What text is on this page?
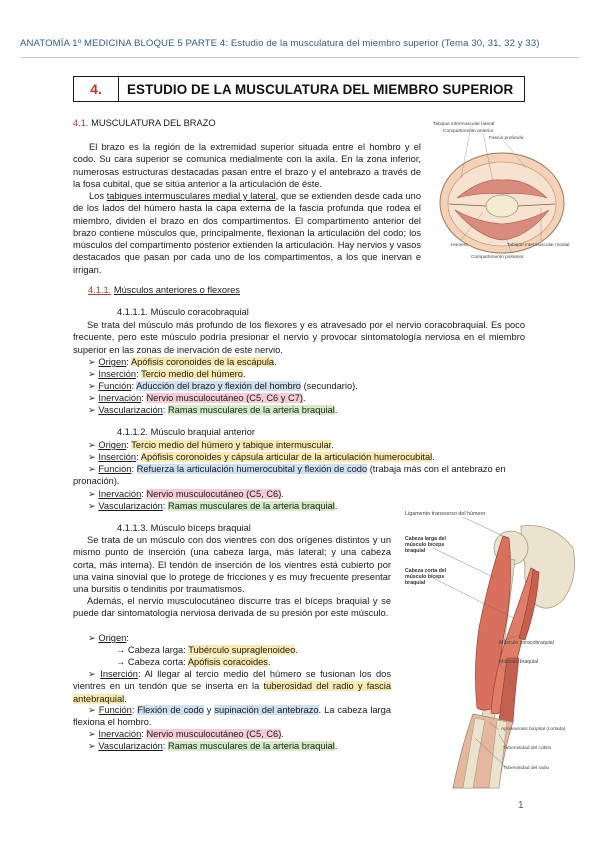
ANATOMÍA 1º MEDICINA BLOQUE 5 PARTE 4: Estudio de la musculatura del miembro superior (Tema 30, 31, 32 y 33)
4.	ESTUDIO DE LA MUSCULATURA DEL MIEMBRO SUPERIOR
4.1. MUSCULATURA DEL BRAZO
El brazo es la región de la extremidad superior situada entre el hombro y el codo. Su cara superior se comunica medialmente con la axila. En la zona inferior, numerosas estructuras destacadas pasan entre el brazo y el antebrazo a través de la fosa cubital, que se sitúa anterior a la articulación de éste.
Los tabiques intermusculares medial y lateral, que se extienden desde cada uno de los lados del húmero hasta la capa externa de la fascia profunda que rodea el miembro, dividen el brazo en dos compartimentos. El compartimento anterior del brazo contiene músculos que, principalmente, flexionan la articulación del codo; los músculos del compartimento posterior extienden la articulación. Hay nervios y vasos destacados que pasan por cada uno de los compartimentos, a los que inervan e irrigan.
Tabique intermuscular lateral
Compartimento anterior
Fascia profunda
Húmero	Tabique intermuscular medial
Compartimento posterior
4.1.1. Músculos anteriores o flexores
4.1.1.1. Músculo coracobraquial
Se trata del músculo más profundo de los flexores y es atravesado por el nervio coracobraquial. Es poco frecuente, pero este músculo podría presionar el nervio y provocar sintomatología nerviosa en el miembro superior en las zonas de inervación de este nervio.
➢ Origen: Apófisis coronoides de la escápula.
➢ Inserción: Tercio medio del húmero.
➢ Función: Aducción del brazo y flexión del hombro (secundario).
➢ Inervación: Nervio musculocutáneo (C5, C6 y C7).
➢ Vascularización: Ramas musculares de la arteria braquial.
4.1.1.2. Músculo braquial anterior
➢ Origen: Tercio medio del húmero y tabique intermuscular.
➢ Inserción: Apófisis coronoides y cápsula articular de la articulación humerocubital.
➢ Función: Refuerza la articulación humerocubital y flexión de codo (trabaja más con el antebrazo en pronación).
➢ Inervación: Nervio musculocutáneo (C5, C6).
➢ Vascularización: Ramas musculares de la arteria braquial.
4.1.1.3. Músculo bíceps braquial
Se trata de un músculo con dos vientres con dos orígenes distintos y un mismo punto de inserción (una cabeza larga, más lateral; y una cabeza corta, más interna). El tendón de inserción de los vientres está cubierto por una vaina sinovial que lo protege de fricciones y es muy frecuente presentar una bursitis o tendinitis por traumatismos.
Además, el nervio musculocutáneo discurre tras el bíceps braquial y se puede dar sintomatología nerviosa derivada de su presión por este músculo.
➢ Origen:
→ Cabeza larga: Tubérculo supraglenoideo.
→ Cabeza corta: Apófisis coracoides.
➢ Inserción: Al llegar al tercio medio del húmero se fusionan los dos vientres en un tendón que se inserta en la tuberosidad del radio y fascia antebraquial.
➢ Función: Flexión de codo y supinación del antebrazo. La cabeza larga flexiona el hombro.
➢ Inervación: Nervio musculocutáneo (C5, C6).
➢ Vascularización: Ramas musculares de la arteria braquial.
Ligamento transverso del húmero
Cabeza larga del músculo bíceps braquial
Cabeza corta del músculo bíceps braquial
Músculo coracobraquial
Músculo braquial
Aponeurosis bicipital (cortada)
Tuberosidad del cúbito
Tuberosidad del radio
1
